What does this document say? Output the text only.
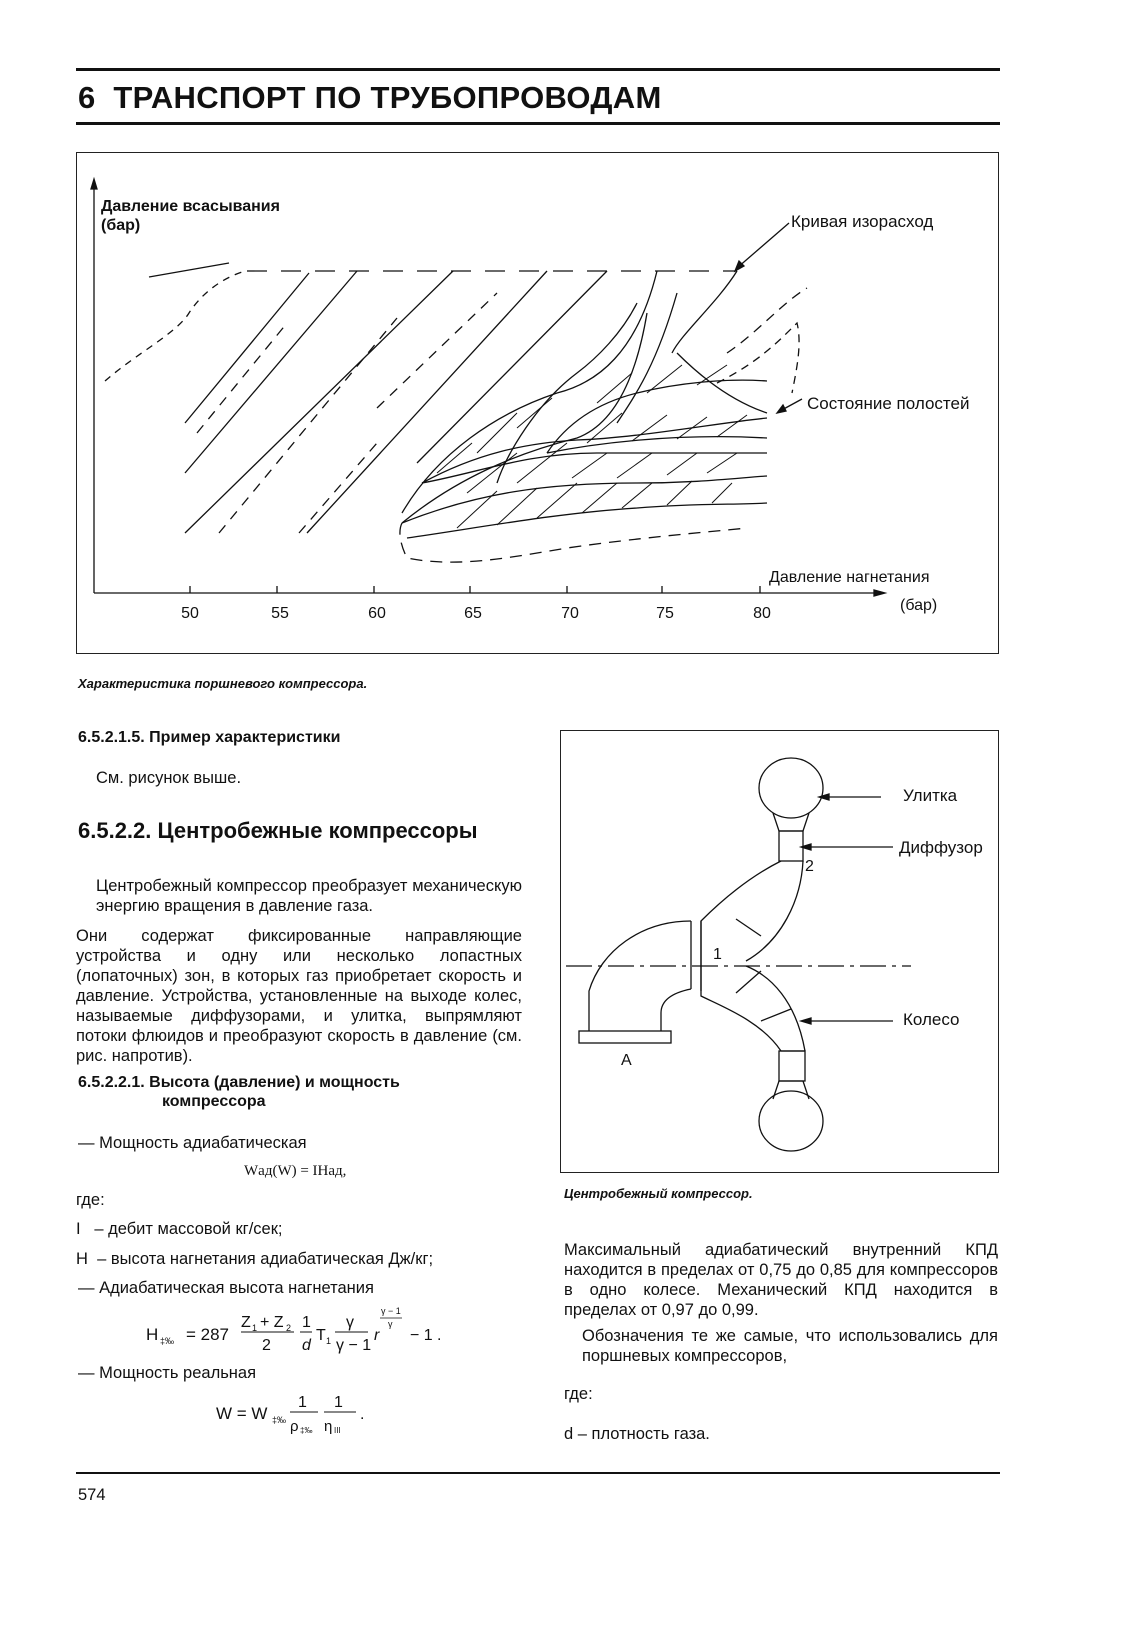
6  ТРАНСПОРТ ПО ТРУБОПРОВОДАМ
Давление всасывания
(бар)	Кривая изорасход
Состояние полостей
Давление нагнетания
(бар)
50	55	60	65	70	75	80
Характеристика поршневого компрессора.
6.5.2.1.5. Пример характеристики
См. рисунок выше.
6.5.2.2. Центробежные компрессоры
Центробежный компрессор преобразует механическую энергию вращения в давление газа.
Они содержат фиксированные направляющие устройства и одну или несколько лопастных (лопаточных) зон, в которых газ приобретает скорость и давление. Устройства, установленные на выходе колес, называемые диффузорами, и улитка, выпрямляют потоки флюидов и преобразуют скорость в давление (см. рис. напротив).
6.5.2.2.1. Высота (давление) и мощность
компрессора
— Мощность адиабатическая
Wад(W) = IHад,
где:
I   – дебит массовой кг/сек;
H  – высота нагнетания адиабатическая Дж/кг;
— Адиабатическая высота нагнетания
H ‡‰ = 287
Z 1 + Z 2
2
1
d
T 1
γ
γ − 1
r
γ − 1
γ
− 1 .
— Мощность реальная
W = W ‡‰
1
ρ ‡‰
1
η ΙΙΙ
.
Улитка
Диффузор
Колесо
2
1
A
Центробежный компрессор.
Максимальный адиабатический внутренний КПД находится в пределах от 0,75 до 0,85 для компрессоров в одно колесе. Механический КПД находится в пределах от 0,97 до 0,99.
Обозначения те же самые, что использовались для поршневых компрессоров,
где:
d – плотность газа.
574
